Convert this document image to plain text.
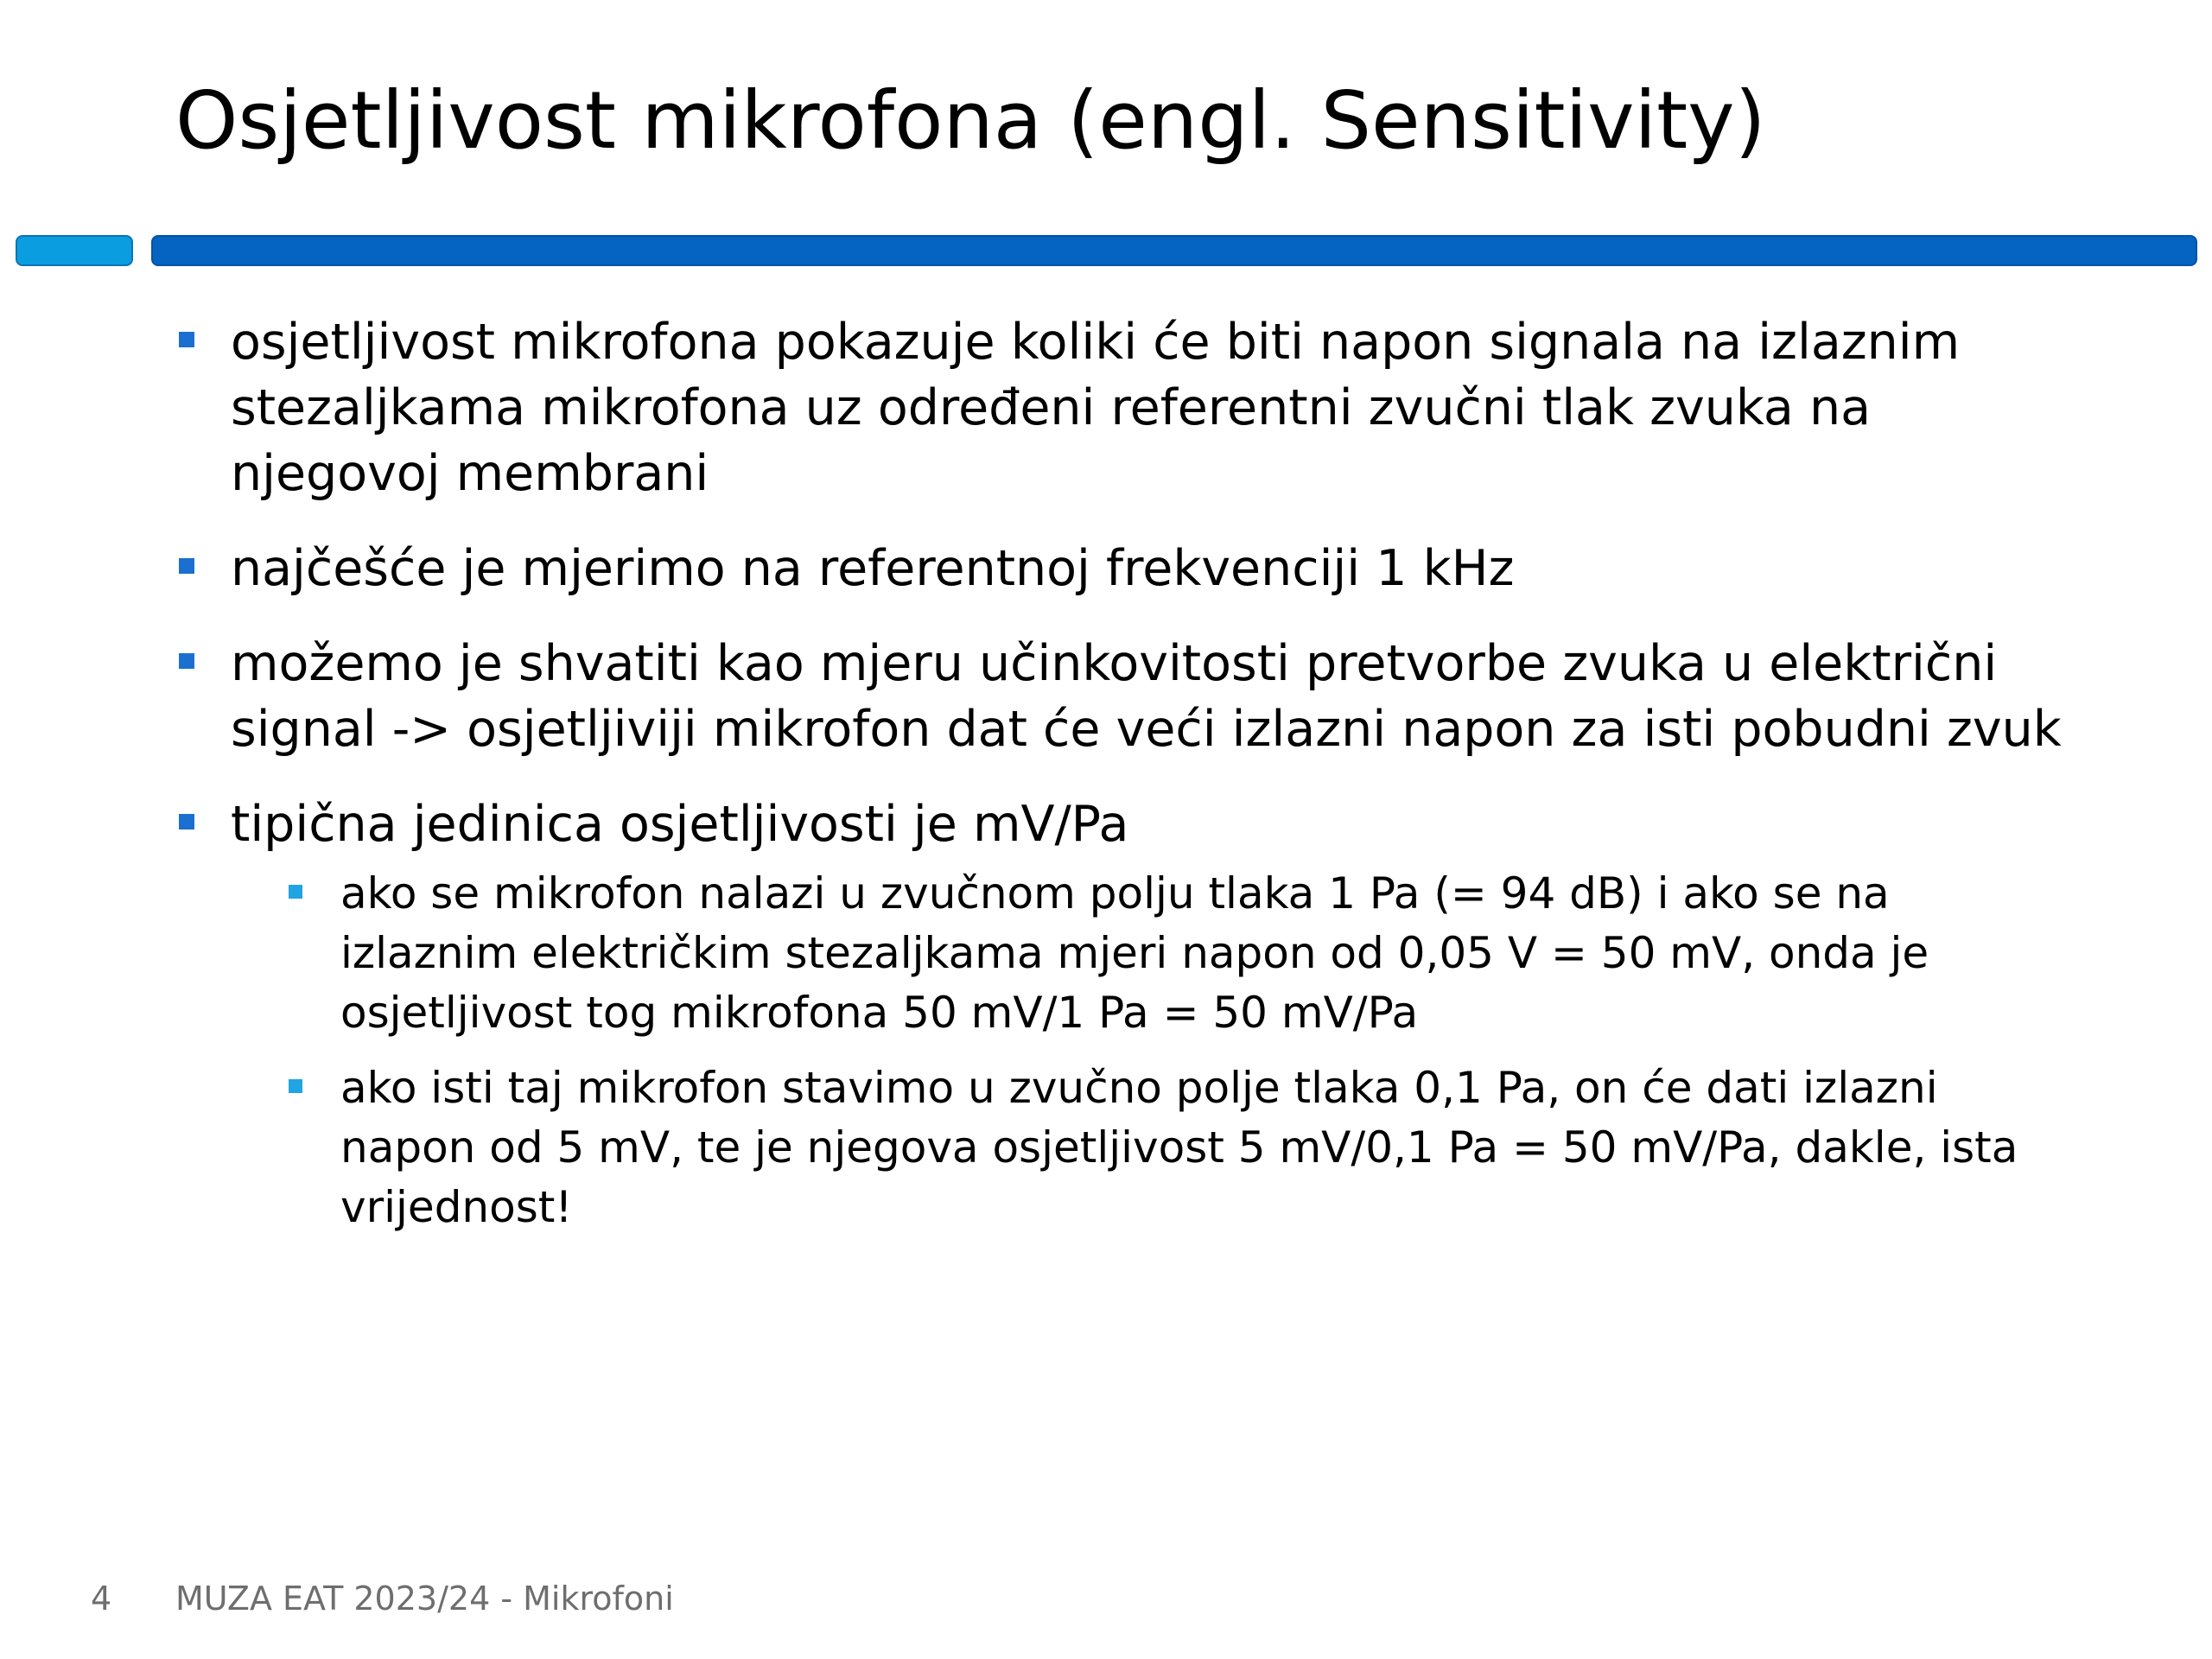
Osjetljivost mikrofona (engl. Sensitivity)
osjetljivost mikrofona pokazuje koliki će biti napon signala na izlaznim stezaljkama mikrofona uz određeni referentni zvučni tlak zvuka na njegovoj membrani
najčešće je mjerimo na referentnoj frekvenciji 1 kHz
možemo je shvatiti kao mjeru učinkovitosti pretvorbe zvuka u električni signal -> osjetljiviji mikrofon dat će veći izlazni napon za isti pobudni zvuk
tipična jedinica osjetljivosti je mV/Pa
ako se mikrofon nalazi u zvučnom polju tlaka 1 Pa (= 94 dB) i ako se na izlaznim električkim stezaljkama mjeri napon od 0,05 V = 50 mV, onda je osjetljivost tog mikrofona 50 mV/1 Pa = 50 mV/Pa
ako isti taj mikrofon stavimo u zvučno polje tlaka 0,1 Pa, on će dati izlazni napon od 5 mV, te je njegova osjetljivost 5 mV/0,1 Pa = 50 mV/Pa, dakle, ista vrijednost!
4 MUZA EAT 2023/24 - Mikrofoni
